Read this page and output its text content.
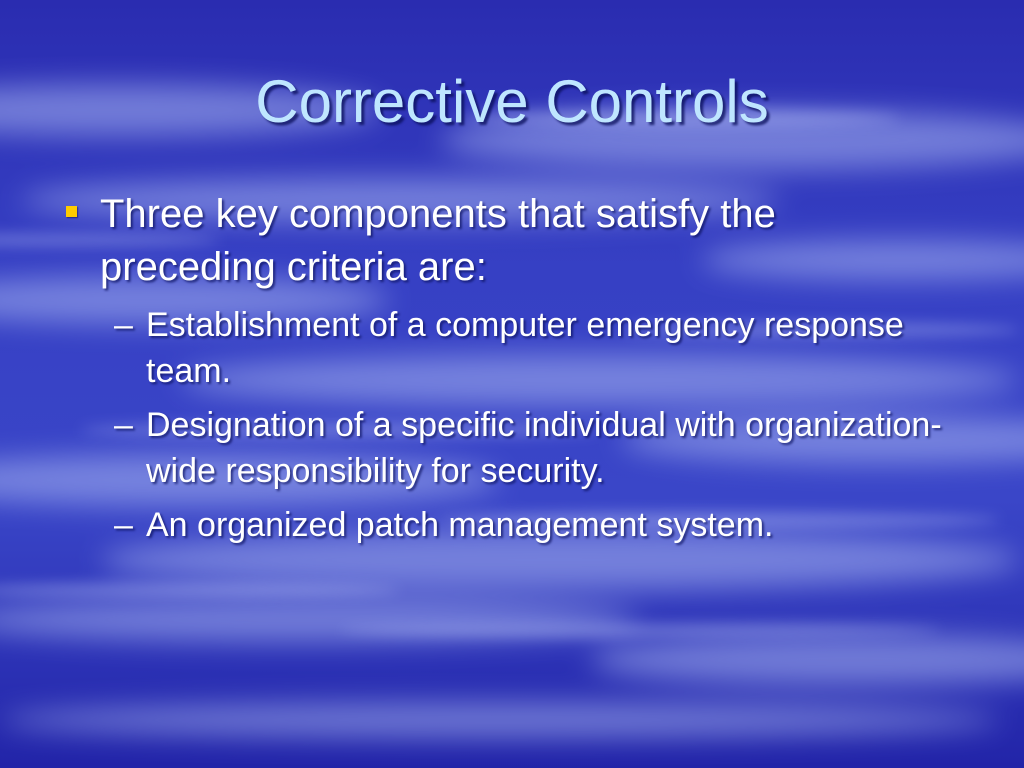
Corrective Controls
Three key components that satisfy the preceding criteria are:
– Establishment of a computer emergency response team.
– Designation of a specific individual with organization-wide responsibility for security.
– An organized patch management system.
